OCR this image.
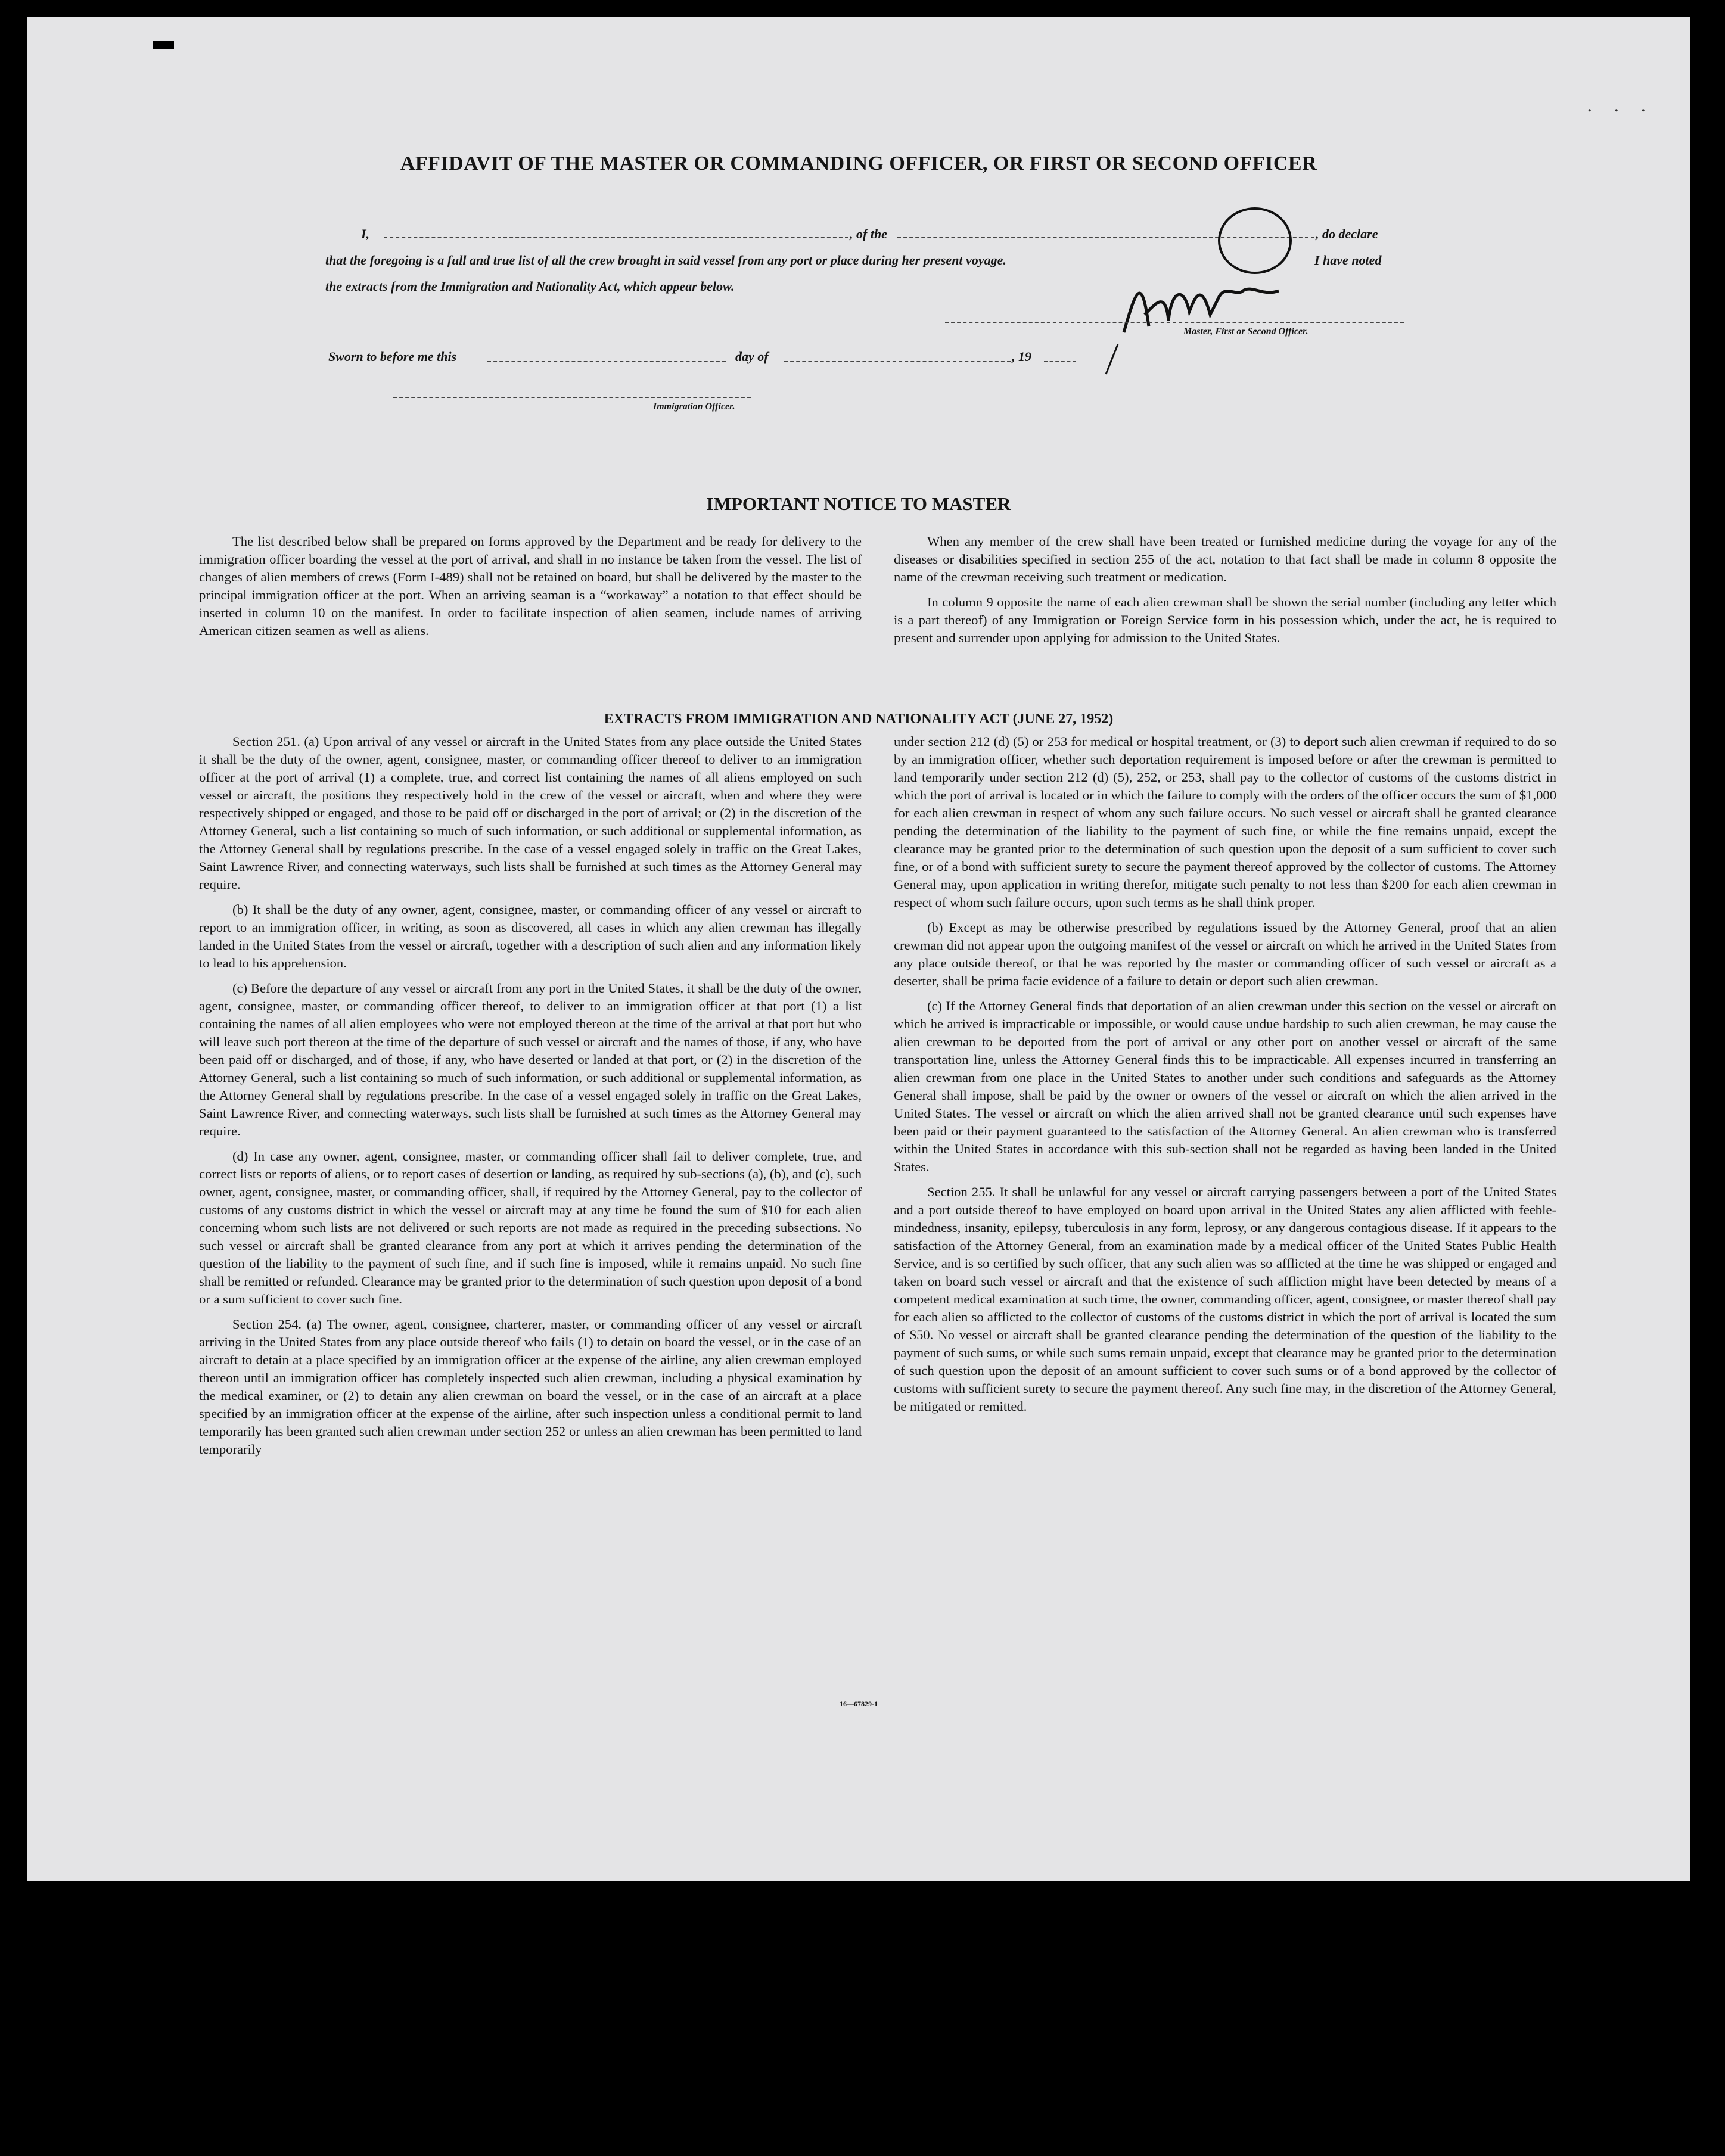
. . .
AFFIDAVIT OF THE MASTER OR COMMANDING OFFICER, OR FIRST OR SECOND OFFICER
I,	, of the	, do declare
that the foregoing is a full and true list of all the crew brought in said vessel from any port or place during her present voyage.	I have noted
the extracts from the Immigration and Nationality Act, which appear below.
Master, First or Second Officer.
Sworn to before me this	day of	, 19
Immigration Officer.
IMPORTANT NOTICE TO MASTER

The list described below shall be prepared on forms approved by the Department and be ready for delivery to the immigration officer boarding the vessel at the port of arrival, and shall in no instance be taken from the vessel. The list of changes of alien members of crews (Form I-489) shall not be retained on board, but shall be delivered by the master to the principal immigration officer at the port. When an arriving seaman is a “workaway” a notation to that effect should be inserted in column 10 on the manifest. In order to facilitate inspection of alien seamen, include names of arriving American citizen seamen as well as aliens.

When any member of the crew shall have been treated or furnished medicine during the voyage for any of the diseases or disabilities specified in section 255 of the act, notation to that fact shall be made in column 8 opposite the name of the crewman receiving such treatment or medication.

In column 9 opposite the name of each alien crewman shall be shown the serial number (including any letter which is a part thereof) of any Immigration or Foreign Service form in his possession which, under the act, he is required to present and surrender upon applying for admission to the United States.

EXTRACTS FROM IMMIGRATION AND NATIONALITY ACT (JUNE 27, 1952)

Section 251. (a) Upon arrival of any vessel or aircraft in the United States from any place outside the United States it shall be the duty of the owner, agent, consignee, master, or commanding officer thereof to deliver to an immigration officer at the port of arrival (1) a complete, true, and correct list containing the names of all aliens employed on such vessel or aircraft, the positions they respectively hold in the crew of the vessel or aircraft, when and where they were respectively shipped or engaged, and those to be paid off or discharged in the port of arrival; or (2) in the discretion of the Attorney General, such a list containing so much of such information, or such additional or supplemental information, as the Attorney General shall by regulations prescribe. In the case of a vessel engaged solely in traffic on the Great Lakes, Saint Lawrence River, and connecting waterways, such lists shall be furnished at such times as the Attorney General may require.

(b) It shall be the duty of any owner, agent, consignee, master, or commanding officer of any vessel or aircraft to report to an immigration officer, in writing, as soon as discovered, all cases in which any alien crewman has illegally landed in the United States from the vessel or aircraft, together with a description of such alien and any information likely to lead to his apprehension.

(c) Before the departure of any vessel or aircraft from any port in the United States, it shall be the duty of the owner, agent, consignee, master, or commanding officer thereof, to deliver to an immigration officer at that port (1) a list containing the names of all alien employees who were not employed thereon at the time of the arrival at that port but who will leave such port thereon at the time of the departure of such vessel or aircraft and the names of those, if any, who have been paid off or discharged, and of those, if any, who have deserted or landed at that port, or (2) in the discretion of the Attorney General, such a list containing so much of such information, or such additional or supplemental information, as the Attorney General shall by regulations prescribe. In the case of a vessel engaged solely in traffic on the Great Lakes, Saint Lawrence River, and connecting waterways, such lists shall be furnished at such times as the Attorney General may require.

(d) In case any owner, agent, consignee, master, or commanding officer shall fail to deliver complete, true, and correct lists or reports of aliens, or to report cases of desertion or landing, as required by sub-sections (a), (b), and (c), such owner, agent, consignee, master, or commanding officer, shall, if required by the Attorney General, pay to the collector of customs of any customs district in which the vessel or aircraft may at any time be found the sum of $10 for each alien concerning whom such lists are not delivered or such reports are not made as required in the preceding subsections. No such vessel or aircraft shall be granted clearance from any port at which it arrives pending the determination of the question of the liability to the payment of such fine, and if such fine is imposed, while it remains unpaid. No such fine shall be remitted or refunded. Clearance may be granted prior to the determination of such question upon deposit of a bond or a sum sufficient to cover such fine.

Section 254. (a) The owner, agent, consignee, charterer, master, or commanding officer of any vessel or aircraft arriving in the United States from any place outside thereof who fails (1) to detain on board the vessel, or in the case of an aircraft to detain at a place specified by an immigration officer at the expense of the airline, any alien crewman employed thereon until an immigration officer has completely inspected such alien crewman, including a physical examination by the medical examiner, or (2) to detain any alien crewman on board the vessel, or in the case of an aircraft at a place specified by an immigration officer at the expense of the airline, after such inspection unless a conditional permit to land temporarily has been granted such alien crewman under section 252 or unless an alien crewman has been permitted to land temporarily

under section 212 (d) (5) or 253 for medical or hospital treatment, or (3) to deport such alien crewman if required to do so by an immigration officer, whether such deportation requirement is imposed before or after the crewman is permitted to land temporarily under section 212 (d) (5), 252, or 253, shall pay to the collector of customs of the customs district in which the port of arrival is located or in which the failure to comply with the orders of the officer occurs the sum of $1,000 for each alien crewman in respect of whom any such failure occurs. No such vessel or aircraft shall be granted clearance pending the determination of the liability to the payment of such fine, or while the fine remains unpaid, except the clearance may be granted prior to the determination of such question upon the deposit of a sum sufficient to cover such fine, or of a bond with sufficient surety to secure the payment thereof approved by the collector of customs. The Attorney General may, upon application in writing therefor, mitigate such penalty to not less than $200 for each alien crewman in respect of whom such failure occurs, upon such terms as he shall think proper.

(b) Except as may be otherwise prescribed by regulations issued by the Attorney General, proof that an alien crewman did not appear upon the outgoing manifest of the vessel or aircraft on which he arrived in the United States from any place outside thereof, or that he was reported by the master or commanding officer of such vessel or aircraft as a deserter, shall be prima facie evidence of a failure to detain or deport such alien crewman.

(c) If the Attorney General finds that deportation of an alien crewman under this section on the vessel or aircraft on which he arrived is impracticable or impossible, or would cause undue hardship to such alien crewman, he may cause the alien crewman to be deported from the port of arrival or any other port on another vessel or aircraft of the same transportation line, unless the Attorney General finds this to be impracticable. All expenses incurred in transferring an alien crewman from one place in the United States to another under such conditions and safeguards as the Attorney General shall impose, shall be paid by the owner or owners of the vessel or aircraft on which the alien arrived in the United States. The vessel or aircraft on which the alien arrived shall not be granted clearance until such expenses have been paid or their payment guaranteed to the satisfaction of the Attorney General. An alien crewman who is transferred within the United States in accordance with this sub-section shall not be regarded as having been landed in the United States.

Section 255. It shall be unlawful for any vessel or aircraft carrying passengers between a port of the United States and a port outside thereof to have employed on board upon arrival in the United States any alien afflicted with feeble-mindedness, insanity, epilepsy, tuberculosis in any form, leprosy, or any dangerous contagious disease. If it appears to the satisfaction of the Attorney General, from an examination made by a medical officer of the United States Public Health Service, and is so certified by such officer, that any such alien was so afflicted at the time he was shipped or engaged and taken on board such vessel or aircraft and that the existence of such affliction might have been detected by means of a competent medical examination at such time, the owner, commanding officer, agent, consignee, or master thereof shall pay for each alien so afflicted to the collector of customs of the customs district in which the port of arrival is located the sum of $50. No vessel or aircraft shall be granted clearance pending the determination of the question of the liability to the payment of such sums, or while such sums remain unpaid, except that clearance may be granted prior to the determination of such question upon the deposit of an amount sufficient to cover such sums or of a bond approved by the collector of customs with sufficient surety to secure the payment thereof. Any such fine may, in the discretion of the Attorney General, be mitigated or remitted.

16—67829-1
